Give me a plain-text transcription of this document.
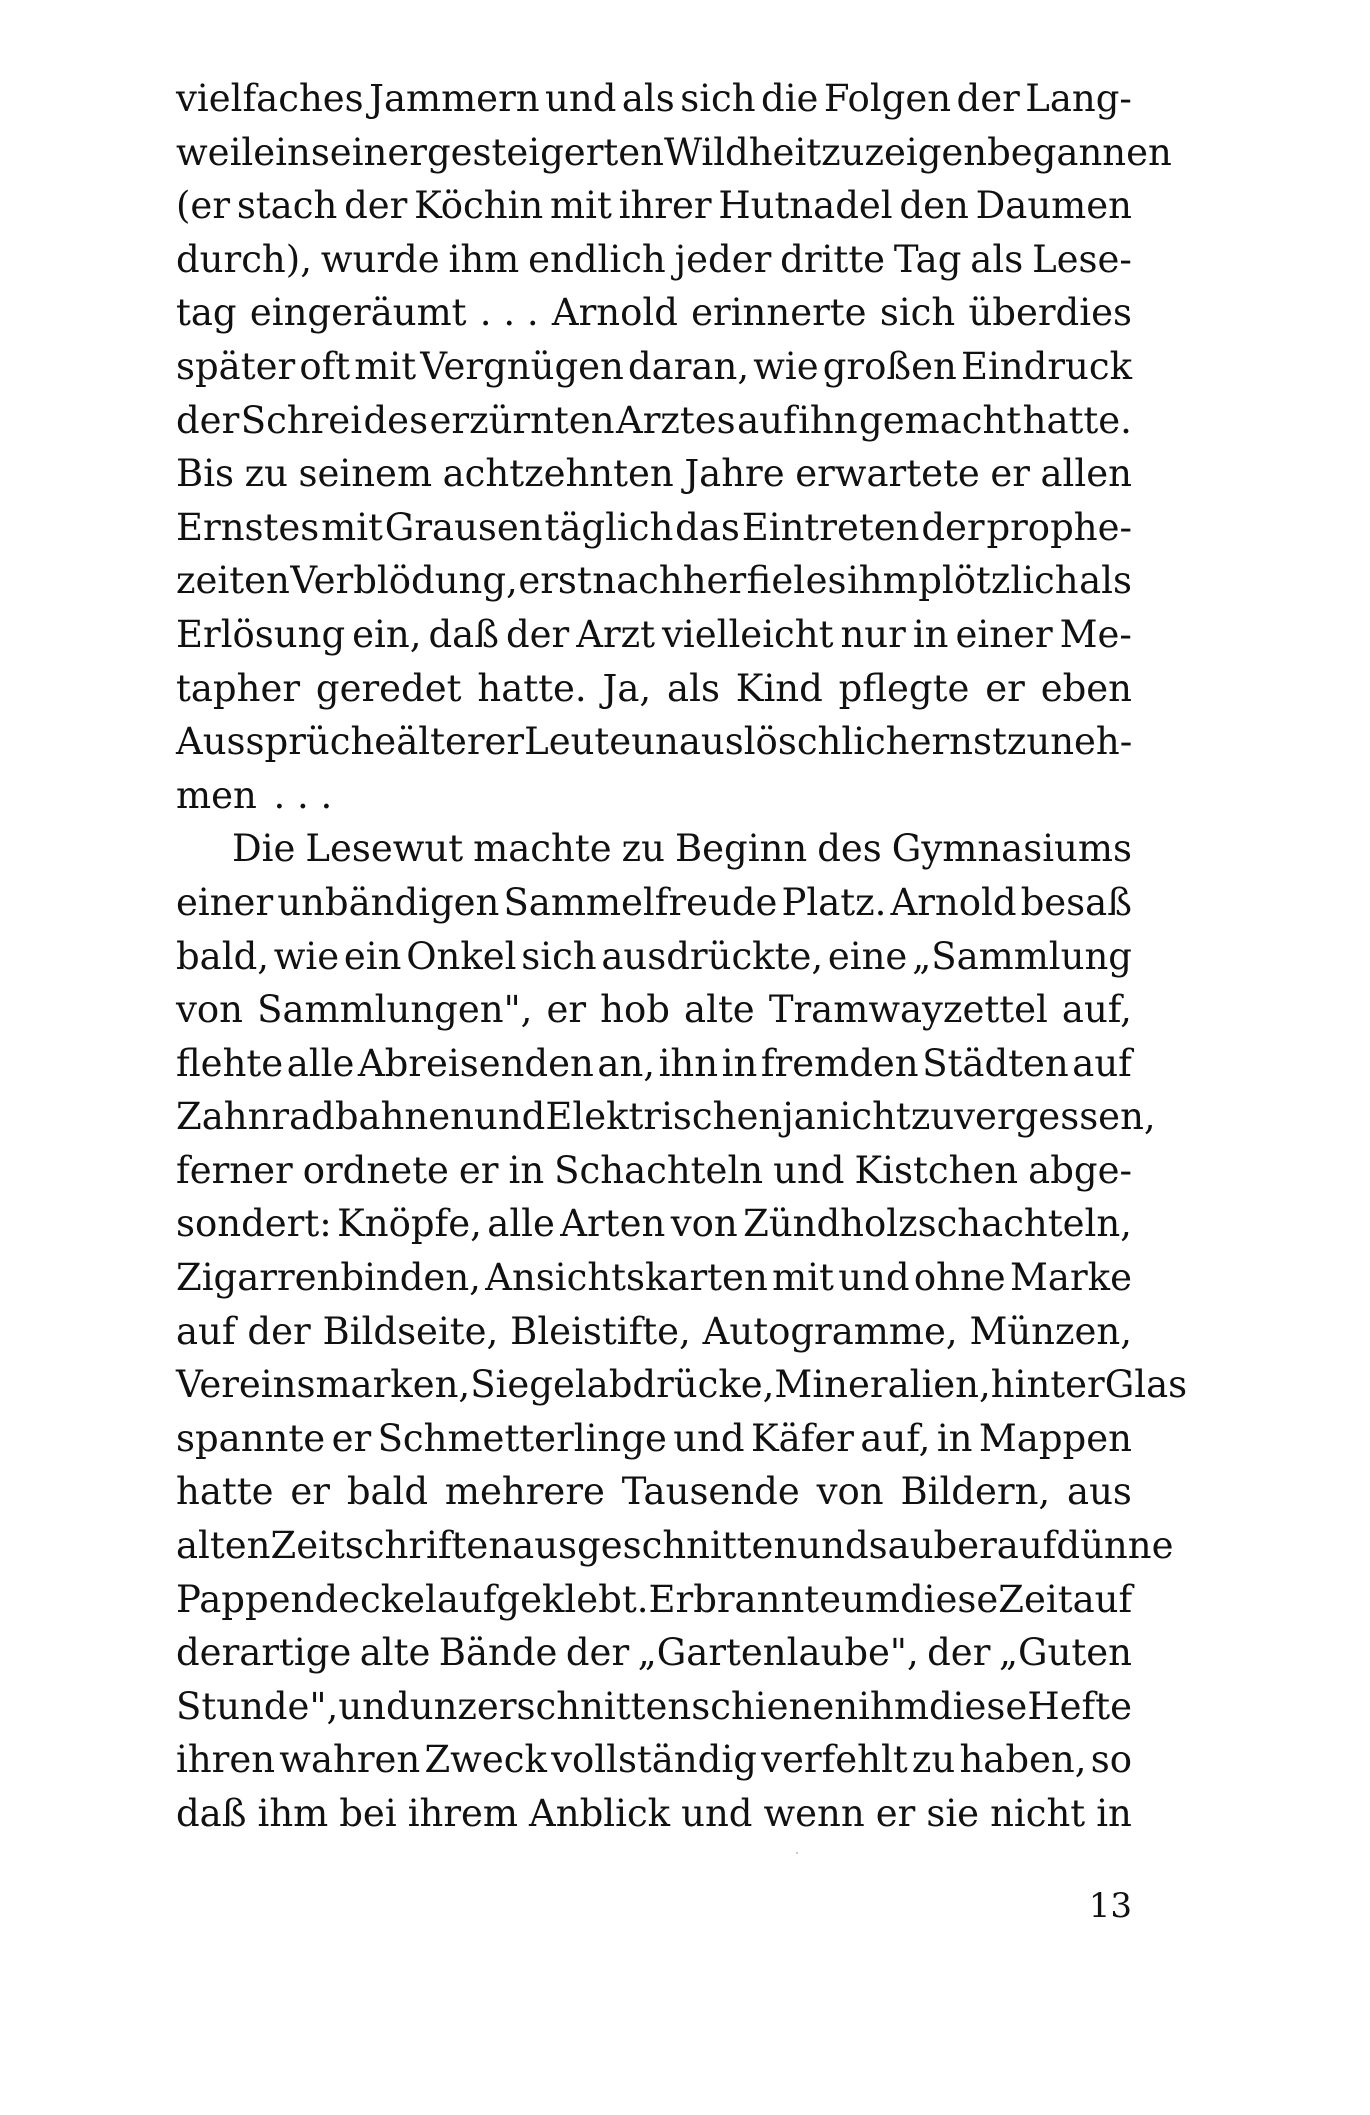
vielfaches Jammern und als sich die Folgen der Lang-
weile in seiner gesteigerten Wildheit zu zeigen begannen
(er stach der Köchin mit ihrer Hutnadel den Daumen
durch), wurde ihm endlich jeder dritte Tag als Lese-
tag eingeräumt . . . Arnold erinnerte sich überdies
später oft mit Vergnügen daran, wie großen Eindruck
der Schrei des erzürnten Arztes auf ihn gemacht hatte.
Bis zu seinem achtzehnten Jahre erwartete er allen
Ernstes mit Grausen täglich das Eintreten der prophe-
zeiten Verblödung, erst nachher fiel es ihm plötzlich als
Erlösung ein, daß der Arzt vielleicht nur in einer Me-
tapher geredet hatte. Ja, als Kind pflegte er eben
Aussprüche älterer Leute unauslöschlich ernst zu neh-
men . . .
Die Lesewut machte zu Beginn des Gymnasiums
einer unbändigen Sammelfreude Platz. Arnold besaß
bald, wie ein Onkel sich ausdrückte, eine „Sammlung
von Sammlungen", er hob alte Tramwayzettel auf,
flehte alle Abreisenden an, ihn in fremden Städten auf
Zahnradbahnen und Elektrischen ja nicht zu vergessen,
ferner ordnete er in Schachteln und Kistchen abge-
sondert: Knöpfe, alle Arten von Zündholzschachteln,
Zigarrenbinden, Ansichtskarten mit und ohne Marke
auf der Bildseite, Bleistifte, Autogramme, Münzen,
Vereinsmarken,Siegelabdrücke,Mineralien,hinter Glas
spannte er Schmetterlinge und Käfer auf, in Mappen
hatte er bald mehrere Tausende von Bildern, aus
alten Zeitschriften ausgeschnitten und sauber auf dünne
Pappendeckel aufgeklebt. Er brannte um diese Zeit auf
derartige alte Bände der „Gartenlaube", der „Guten
Stunde", und unzerschnitten schienen ihm diese Hefte
ihren wahren Zweck vollständig verfehlt zu haben, so
daß ihm bei ihrem Anblick und wenn er sie nicht in
13
